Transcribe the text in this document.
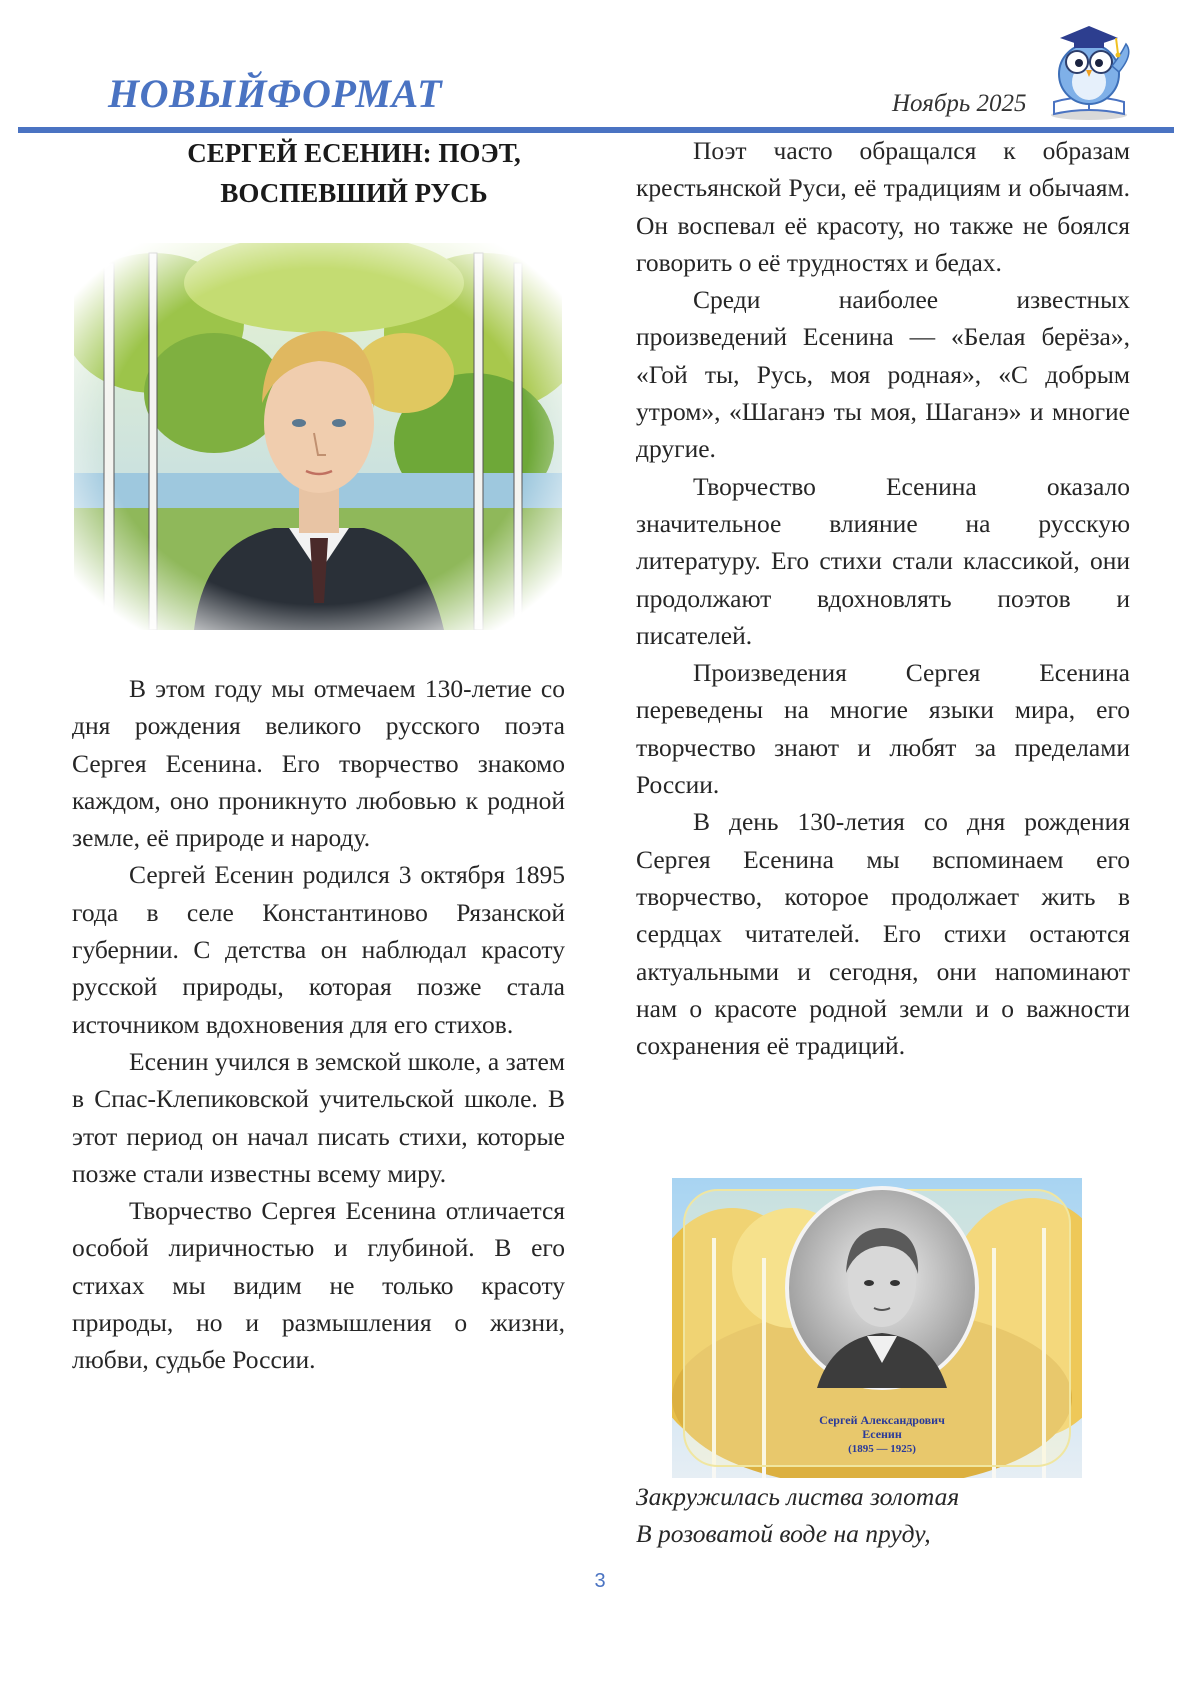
НОВЫЙФОРМАТ	Ноябрь 2025
СЕРГЕЙ ЕСЕНИН: ПОЭТ,
ВОСПЕВШИЙ РУСЬ

В этом году мы отмечаем 130-летие со дня рождения великого русского поэта Сергея Есенина. Его творчество знакомо каждом, оно проникнуто любовью к родной земле, её природе и народу.

Сергей Есенин родился 3 октября 1895 года в селе Константиново Рязанской губернии. С детства он наблюдал красоту русской природы, которая позже стала источником вдохновения для его стихов.

Есенин учился в земской школе, а затем в Спас-Клепиковской учительской школе. В этот период он начал писать стихи, которые позже стали известны всему миру.

Творчество Сергея Есенина отличается особой лиричностью и глубиной. В его стихах мы видим не только красоту природы, но и размышления о жизни, любви, судьбе России.

Поэт часто обращался к образам крестьянской Руси, её традициям и обычаям. Он воспевал её красоту, но также не боялся говорить о её трудностях и бедах.

Среди наиболее известных произведений Есенина — «Белая берёза», «Гой ты, Русь, моя родная», «С добрым утром», «Шаганэ ты моя, Шаганэ» и многие другие.

Творчество Есенина оказало значительное влияние на русскую литературу. Его стихи стали классикой, они продолжают вдохновлять поэтов и писателей.

Произведения Сергея Есенина переведены на многие языки мира, его творчество знают и любят за пределами России.

В день 130-летия со дня рождения Сергея Есенина мы вспоминаем его творчество, которое продолжает жить в сердцах читателей. Его стихи остаются актуальными и сегодня, они напоминают нам о красоте родной земли и о важности сохранения её традиций.

Сергей Александрович
Есенин
(1895 — 1925)
Закружилась листва золотая
В розоватой воде на пруду,
3
